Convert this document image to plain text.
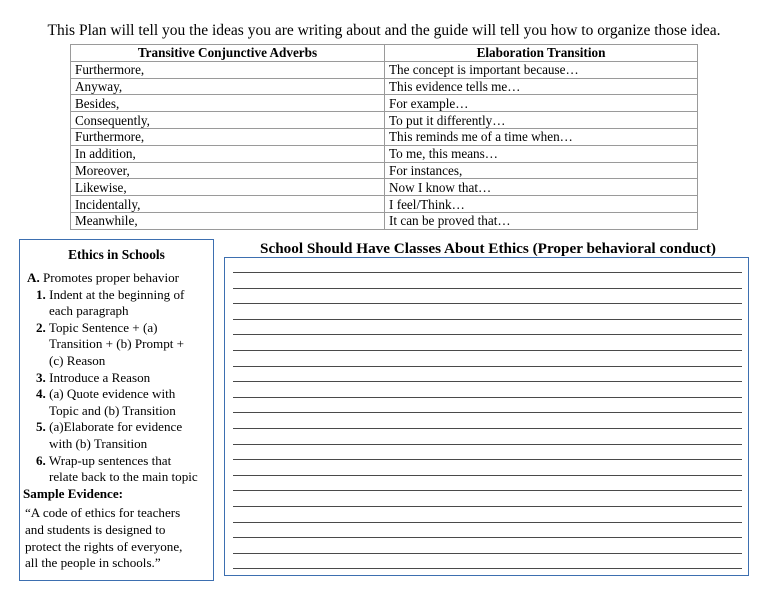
This Plan will tell you the ideas you are writing about and the guide will tell you how to organize those idea.
Transitive Conjunctive Adverbs	Elaboration Transition
Furthermore,	The concept is important because…
Anyway,	This evidence tells me…
Besides,	For example…
Consequently,	To put it differently…
Furthermore,	This reminds me of a time when…
In addition,	To me, this means…
Moreover,	For instances,
Likewise,	Now I know that…
Incidentally,	I feel/Think…
Meanwhile,	It can be proved that…
Ethics in Schools
A. Promotes proper behavior
1. Indent at the beginning of
each paragraph
2. Topic Sentence + (a)
Transition + (b) Prompt +
(c) Reason
3. Introduce a Reason
4. (a) Quote evidence with
Topic and (b) Transition
5. (a)Elaborate for evidence
with (b) Transition
6. Wrap-up sentences that
relate back to the main topic
Sample Evidence:
“A code of ethics for teachers
and students is designed to
protect the rights of everyone,
all the people in schools.”
School Should Have Classes About Ethics (Proper behavioral conduct)
